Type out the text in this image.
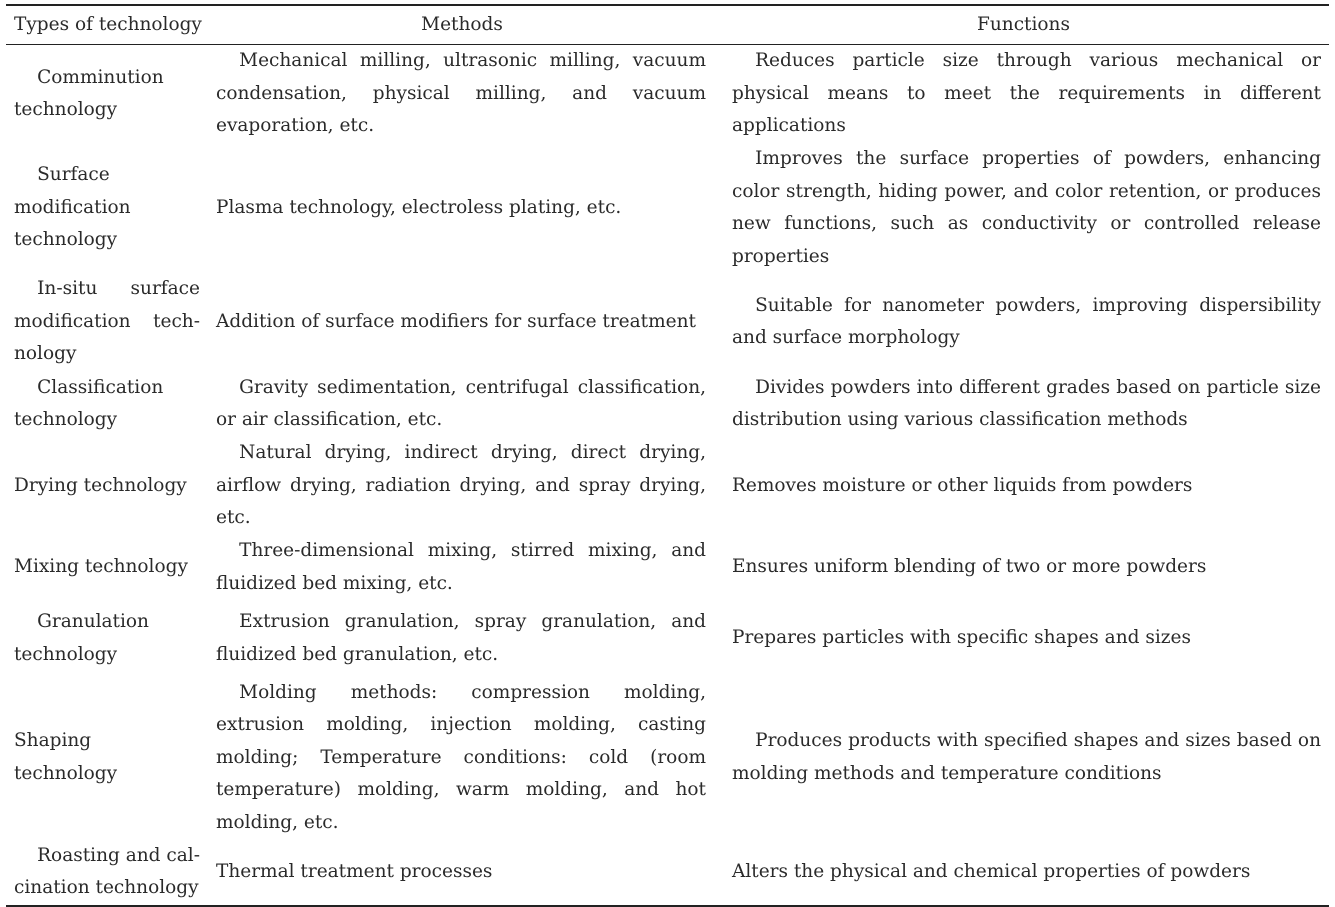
Types of technology	Methods	Functions
Comminution technology	Mechanical milling, ultrasonic milling, vacuum condensation, physical milling, and vacuum evaporation, etc.	Reduces particle size through various mechanical or physical means to meet the requirements in different applications
Surface modification technology	Plasma technology, electroless plating, etc.	Improves the surface properties of powders, enhancing color strength, hiding power, and color retention, or produces new functions, such as conductivity or controlled release properties
In-situ surface modification technology	Addition of surface modifiers for surface treatment	Suitable for nanometer powders, improving dispersibility and surface morphology
Classification technology	Gravity sedimentation, centrifugal classification, or air classification, etc.	Divides powders into different grades based on particle size distribution using various classification methods
Drying technology	Natural drying, indirect drying, direct drying, airflow drying, radiation drying, and spray drying, etc.	Removes moisture or other liquids from powders
Mixing technology	Three-dimensional mixing, stirred mixing, and fluidized bed mixing, etc.	Ensures uniform blending of two or more powders
Granulation technology	Extrusion granulation, spray granulation, and fluidized bed granulation, etc.	Prepares particles with specific shapes and sizes
Shaping technology	Molding methods: compression molding, extrusion molding, injection molding, casting molding; Temperature conditions: cold (room temperature) molding, warm molding, and hot molding, etc.	Produces products with specified shapes and sizes based on molding methods and temperature conditions
Roasting and calcination technology	Thermal treatment processes	Alters the physical and chemical properties of powders
